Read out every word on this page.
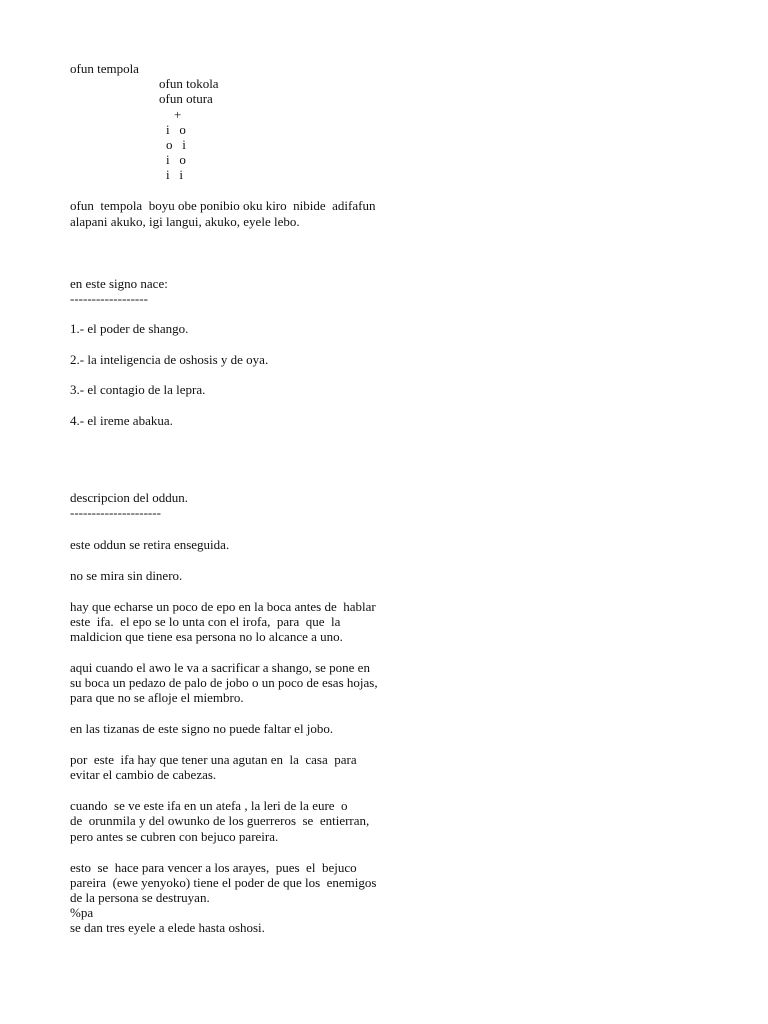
ofun tempola
ofun tokola
ofun otura
+
i   o
o   i
i   o
i   i
ofun  tempola  boyu obe ponibio oku kiro  nibide  adifafun
alapani akuko, igi langui, akuko, eyele lebo.
en este signo nace:
------------------
1.- el poder de shango.
2.- la inteligencia de oshosis y de oya.
3.- el contagio de la lepra.
4.- el ireme abakua.
descripcion del oddun.
---------------------
este oddun se retira enseguida.
no se mira sin dinero.
hay que echarse un poco de epo en la boca antes de  hablar
este  ifa.  el epo se lo unta con el irofa,  para  que  la
maldicion que tiene esa persona no lo alcance a uno.
aqui cuando el awo le va a sacrificar a shango, se pone en
su boca un pedazo de palo de jobo o un poco de esas hojas,
para que no se afloje el miembro.
en las tizanas de este signo no puede faltar el jobo.
por  este  ifa hay que tener una agutan en  la  casa  para
evitar el cambio de cabezas.
cuando  se ve este ifa en un atefa , la leri de la eure  o
de  orunmila y del owunko de los guerreros  se  entierran,
pero antes se cubren con bejuco pareira.
esto  se  hace para vencer a los arayes,  pues  el  bejuco
pareira  (ewe yenyoko) tiene el poder de que los  enemigos
de la persona se destruyan.
%pa
se dan tres eyele a elede hasta oshosi.
